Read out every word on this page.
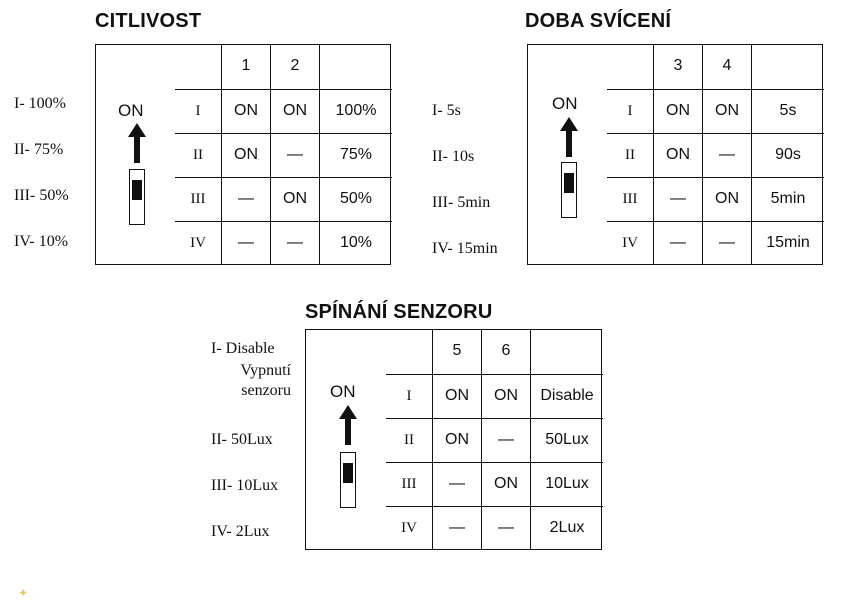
CITLIVOST
I- 100%
II- 75%
III- 50%
IV- 10%
ON
	1	2	
I	ON	ON	100%
II	ON	—	75%
III	—	ON	50%
IV	—	—	10%
DOBA SVÍCENÍ
I- 5s
II- 10s
III- 5min
IV- 15min
ON
	3	4	
I	ON	ON	5s
II	ON	—	90s
III	—	ON	5min
IV	—	—	15min
SPÍNÁNÍ SENZORU
I- Disable
Vypnutí senzoru
II- 50Lux
III- 10Lux
IV- 2Lux
ON
	5	6	
I	ON	ON	Disable
II	ON	—	50Lux
III	—	ON	10Lux
IV	—	—	2Lux
✦
